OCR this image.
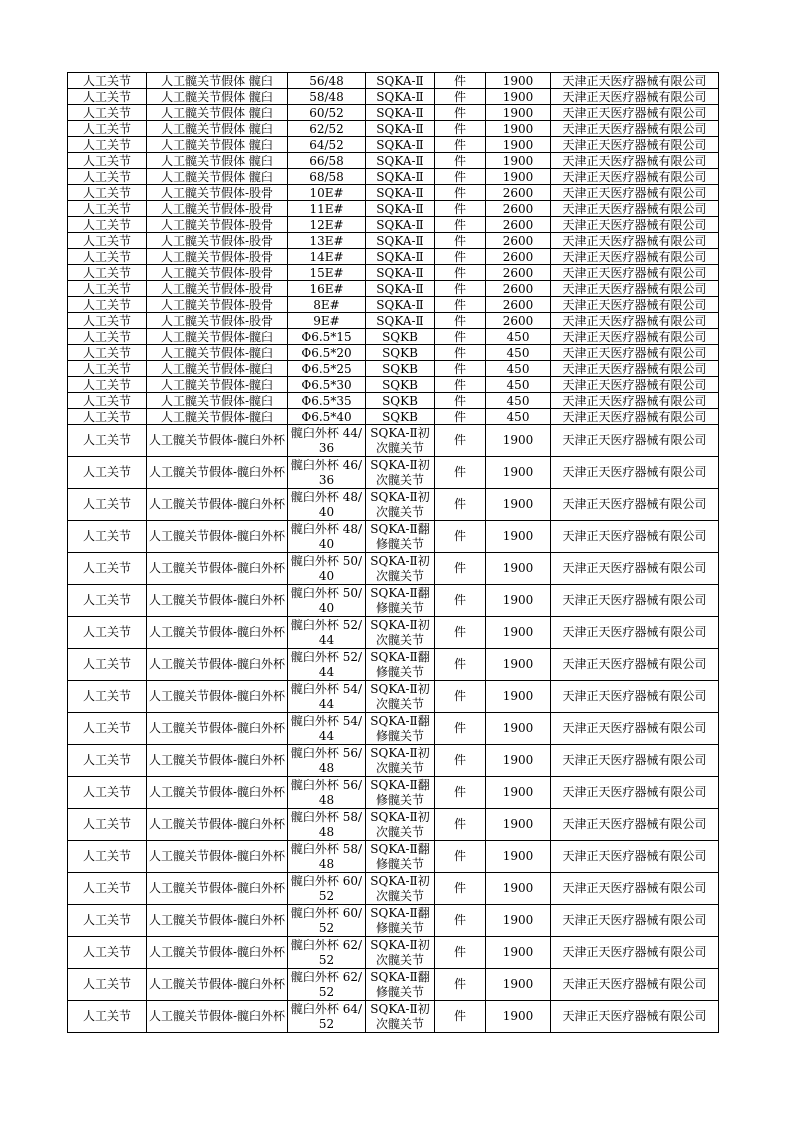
人工关节	人工髋关节假体 髋臼	56/48	SQKA-Ⅱ	件	1900	天津正天医疗器械有限公司
人工关节	人工髋关节假体 髋臼	58/48	SQKA-Ⅱ	件	1900	天津正天医疗器械有限公司
人工关节	人工髋关节假体 髋臼	60/52	SQKA-Ⅱ	件	1900	天津正天医疗器械有限公司
人工关节	人工髋关节假体 髋臼	62/52	SQKA-Ⅱ	件	1900	天津正天医疗器械有限公司
人工关节	人工髋关节假体 髋臼	64/52	SQKA-Ⅱ	件	1900	天津正天医疗器械有限公司
人工关节	人工髋关节假体 髋臼	66/58	SQKA-Ⅱ	件	1900	天津正天医疗器械有限公司
人工关节	人工髋关节假体 髋臼	68/58	SQKA-Ⅱ	件	1900	天津正天医疗器械有限公司
人工关节	人工髋关节假体-股骨	10E#	SQKA-Ⅱ	件	2600	天津正天医疗器械有限公司
人工关节	人工髋关节假体-股骨	11E#	SQKA-Ⅱ	件	2600	天津正天医疗器械有限公司
人工关节	人工髋关节假体-股骨	12E#	SQKA-Ⅱ	件	2600	天津正天医疗器械有限公司
人工关节	人工髋关节假体-股骨	13E#	SQKA-Ⅱ	件	2600	天津正天医疗器械有限公司
人工关节	人工髋关节假体-股骨	14E#	SQKA-Ⅱ	件	2600	天津正天医疗器械有限公司
人工关节	人工髋关节假体-股骨	15E#	SQKA-Ⅱ	件	2600	天津正天医疗器械有限公司
人工关节	人工髋关节假体-股骨	16E#	SQKA-Ⅱ	件	2600	天津正天医疗器械有限公司
人工关节	人工髋关节假体-股骨	8E#	SQKA-Ⅱ	件	2600	天津正天医疗器械有限公司
人工关节	人工髋关节假体-股骨	9E#	SQKA-Ⅱ	件	2600	天津正天医疗器械有限公司
人工关节	人工髋关节假体-髋臼	Φ6.5*15	SQKB	件	450	天津正天医疗器械有限公司
人工关节	人工髋关节假体-髋臼	Φ6.5*20	SQKB	件	450	天津正天医疗器械有限公司
人工关节	人工髋关节假体-髋臼	Φ6.5*25	SQKB	件	450	天津正天医疗器械有限公司
人工关节	人工髋关节假体-髋臼	Φ6.5*30	SQKB	件	450	天津正天医疗器械有限公司
人工关节	人工髋关节假体-髋臼	Φ6.5*35	SQKB	件	450	天津正天医疗器械有限公司
人工关节	人工髋关节假体-髋臼	Φ6.5*40	SQKB	件	450	天津正天医疗器械有限公司
人工关节	人工髋关节假体-髋臼外杯	髋臼外杯 44/36	SQKA-Ⅱ初次髋关节	件	1900	天津正天医疗器械有限公司
人工关节	人工髋关节假体-髋臼外杯	髋臼外杯 46/36	SQKA-Ⅱ初次髋关节	件	1900	天津正天医疗器械有限公司
人工关节	人工髋关节假体-髋臼外杯	髋臼外杯 48/40	SQKA-Ⅱ初次髋关节	件	1900	天津正天医疗器械有限公司
人工关节	人工髋关节假体-髋臼外杯	髋臼外杯 48/40	SQKA-Ⅱ翻修髋关节	件	1900	天津正天医疗器械有限公司
人工关节	人工髋关节假体-髋臼外杯	髋臼外杯 50/40	SQKA-Ⅱ初次髋关节	件	1900	天津正天医疗器械有限公司
人工关节	人工髋关节假体-髋臼外杯	髋臼外杯 50/40	SQKA-Ⅱ翻修髋关节	件	1900	天津正天医疗器械有限公司
人工关节	人工髋关节假体-髋臼外杯	髋臼外杯 52/44	SQKA-Ⅱ初次髋关节	件	1900	天津正天医疗器械有限公司
人工关节	人工髋关节假体-髋臼外杯	髋臼外杯 52/44	SQKA-Ⅱ翻修髋关节	件	1900	天津正天医疗器械有限公司
人工关节	人工髋关节假体-髋臼外杯	髋臼外杯 54/44	SQKA-Ⅱ初次髋关节	件	1900	天津正天医疗器械有限公司
人工关节	人工髋关节假体-髋臼外杯	髋臼外杯 54/44	SQKA-Ⅱ翻修髋关节	件	1900	天津正天医疗器械有限公司
人工关节	人工髋关节假体-髋臼外杯	髋臼外杯 56/48	SQKA-Ⅱ初次髋关节	件	1900	天津正天医疗器械有限公司
人工关节	人工髋关节假体-髋臼外杯	髋臼外杯 56/48	SQKA-Ⅱ翻修髋关节	件	1900	天津正天医疗器械有限公司
人工关节	人工髋关节假体-髋臼外杯	髋臼外杯 58/48	SQKA-Ⅱ初次髋关节	件	1900	天津正天医疗器械有限公司
人工关节	人工髋关节假体-髋臼外杯	髋臼外杯 58/48	SQKA-Ⅱ翻修髋关节	件	1900	天津正天医疗器械有限公司
人工关节	人工髋关节假体-髋臼外杯	髋臼外杯 60/52	SQKA-Ⅱ初次髋关节	件	1900	天津正天医疗器械有限公司
人工关节	人工髋关节假体-髋臼外杯	髋臼外杯 60/52	SQKA-Ⅱ翻修髋关节	件	1900	天津正天医疗器械有限公司
人工关节	人工髋关节假体-髋臼外杯	髋臼外杯 62/52	SQKA-Ⅱ初次髋关节	件	1900	天津正天医疗器械有限公司
人工关节	人工髋关节假体-髋臼外杯	髋臼外杯 62/52	SQKA-Ⅱ翻修髋关节	件	1900	天津正天医疗器械有限公司
人工关节	人工髋关节假体-髋臼外杯	髋臼外杯 64/52	SQKA-Ⅱ初次髋关节	件	1900	天津正天医疗器械有限公司
